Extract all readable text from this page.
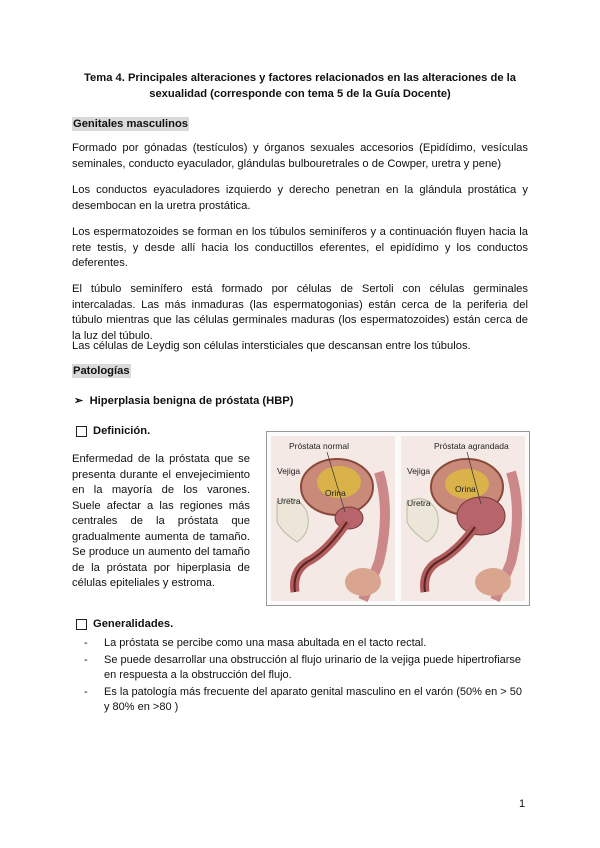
Tema 4. Principales alteraciones y factores relacionados en las alteraciones de la
sexualidad (corresponde con tema 5 de la Guía Docente)
Genitales masculinos
Formado por gónadas (testículos) y órganos sexuales accesorios (Epidídimo, vesículas seminales, conducto eyaculador, glándulas bulbouretrales o de Cowper, uretra y pene)
Los conductos eyaculadores izquierdo y derecho penetran en la glándula prostática y desembocan en la uretra prostática.
Los espermatozoides se forman en los túbulos seminíferos y a continuación fluyen hacia la rete testis, y desde allí hacia los conductillos eferentes, el epidídimo y los conductos deferentes.
El túbulo seminífero está formado por células de Sertoli con células germinales intercaladas. Las más inmaduras (las espermatogonias) están cerca de la periferia del túbulo mientras que las células germinales maduras (los espermatozoides) están cerca de la luz del túbulo.
Las células de Leydig son células intersticiales que descansan entre los túbulos.
Patologías
➢  Hiperplasia benigna de próstata (HBP)
Definición.
Enfermedad de la próstata que se presenta durante el envejecimiento en la mayoría de los varones. Suele afectar a las regiones más centrales de la próstata que gradualmente aumenta de tamaño. Se produce un aumento del tamaño de la próstata por hiperplasia de células epiteliales y estroma.
Próstata normal	Próstata agrandada
Vejiga	Vejiga
Uretra	Uretra
Orina	Orina
Generalidades.
- La próstata se percibe como una masa abultada en el tacto rectal.
- Se puede desarrollar una obstrucción al flujo urinario de la vejiga puede hipertrofiarse en respuesta a la obstrucción del flujo.
- Es la patología más frecuente del aparato genital masculino en el varón (50% en > 50 y 80% en >80 )
1
